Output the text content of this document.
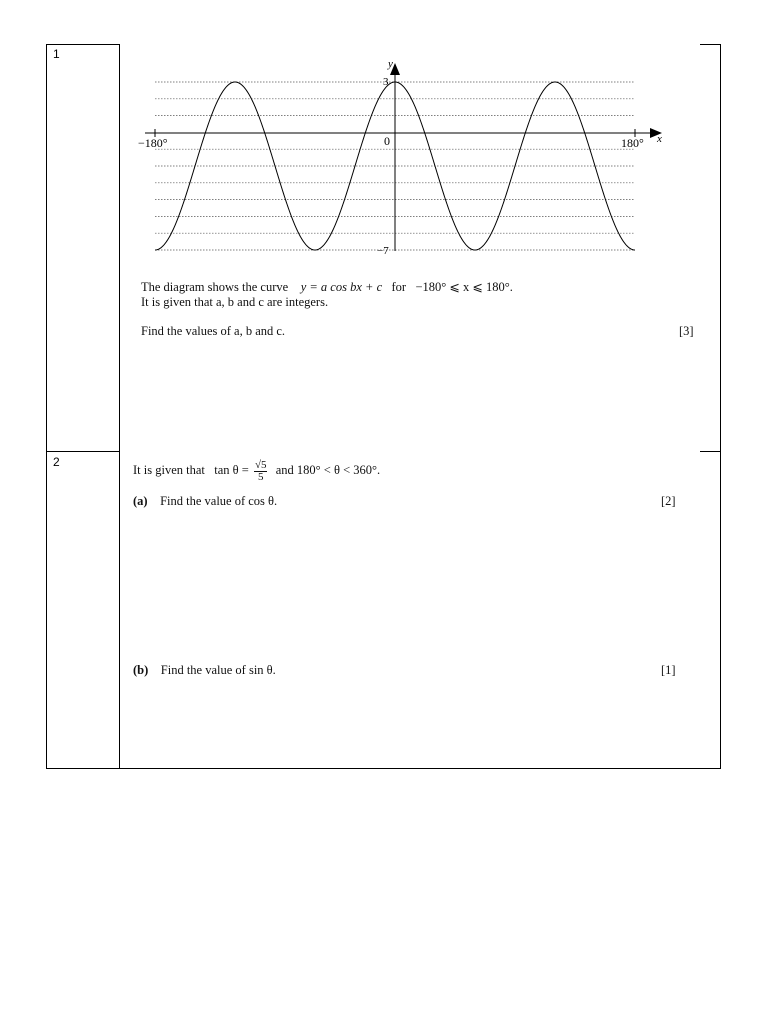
1
−180°	180°
0	x
y
3
−7
The diagram shows the curve y = a cos bx + c for −180° ⩽ x ⩽ 180°.
It is given that a, b and c are integers.
Find the values of a, b and c.	[3]
2
It is given that $\tan \theta = \frac{√5}{5}$ and 180° < θ < 360°.
(a) Find the value of cos θ.	[2]
(b) Find the value of sin θ.	[1]
